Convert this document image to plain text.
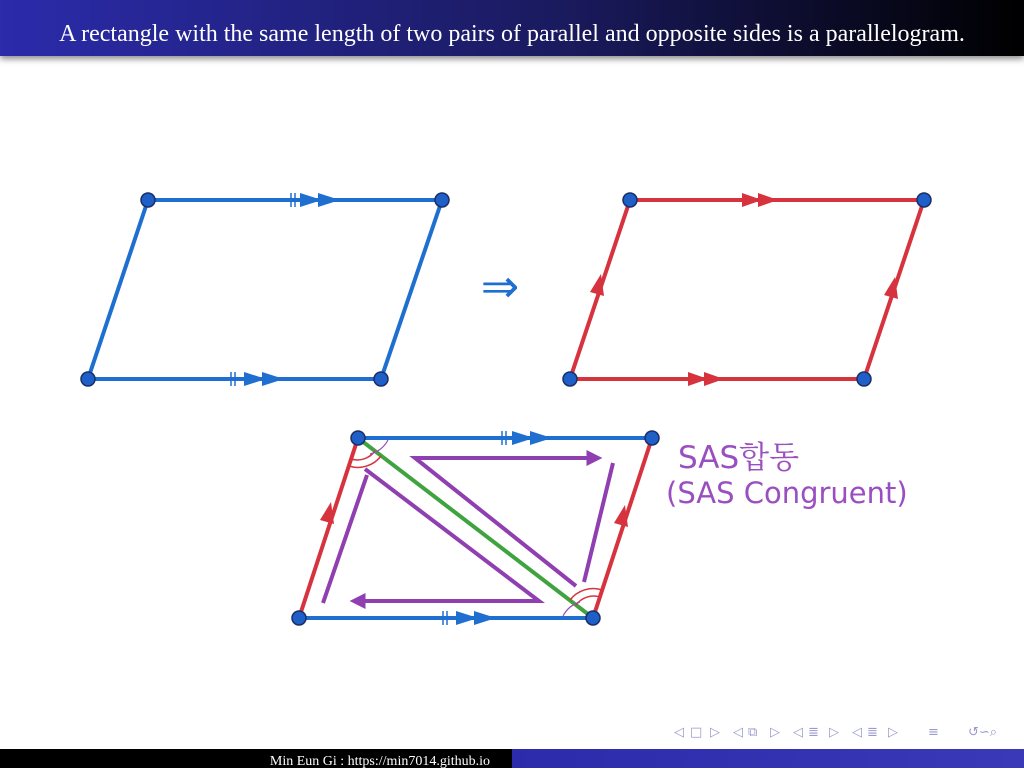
A rectangle with the same length of two pairs of parallel and opposite sides is a parallelogram.
⇒
SAS합동
(SAS Congruent)
◁ □ ▷ ◁ ⧉ ▷ ◁ ≣ ▷ ◁ ≣ ▷ ≡ ↺∽⌕
Min Eun Gi : https://min7014.github.io
